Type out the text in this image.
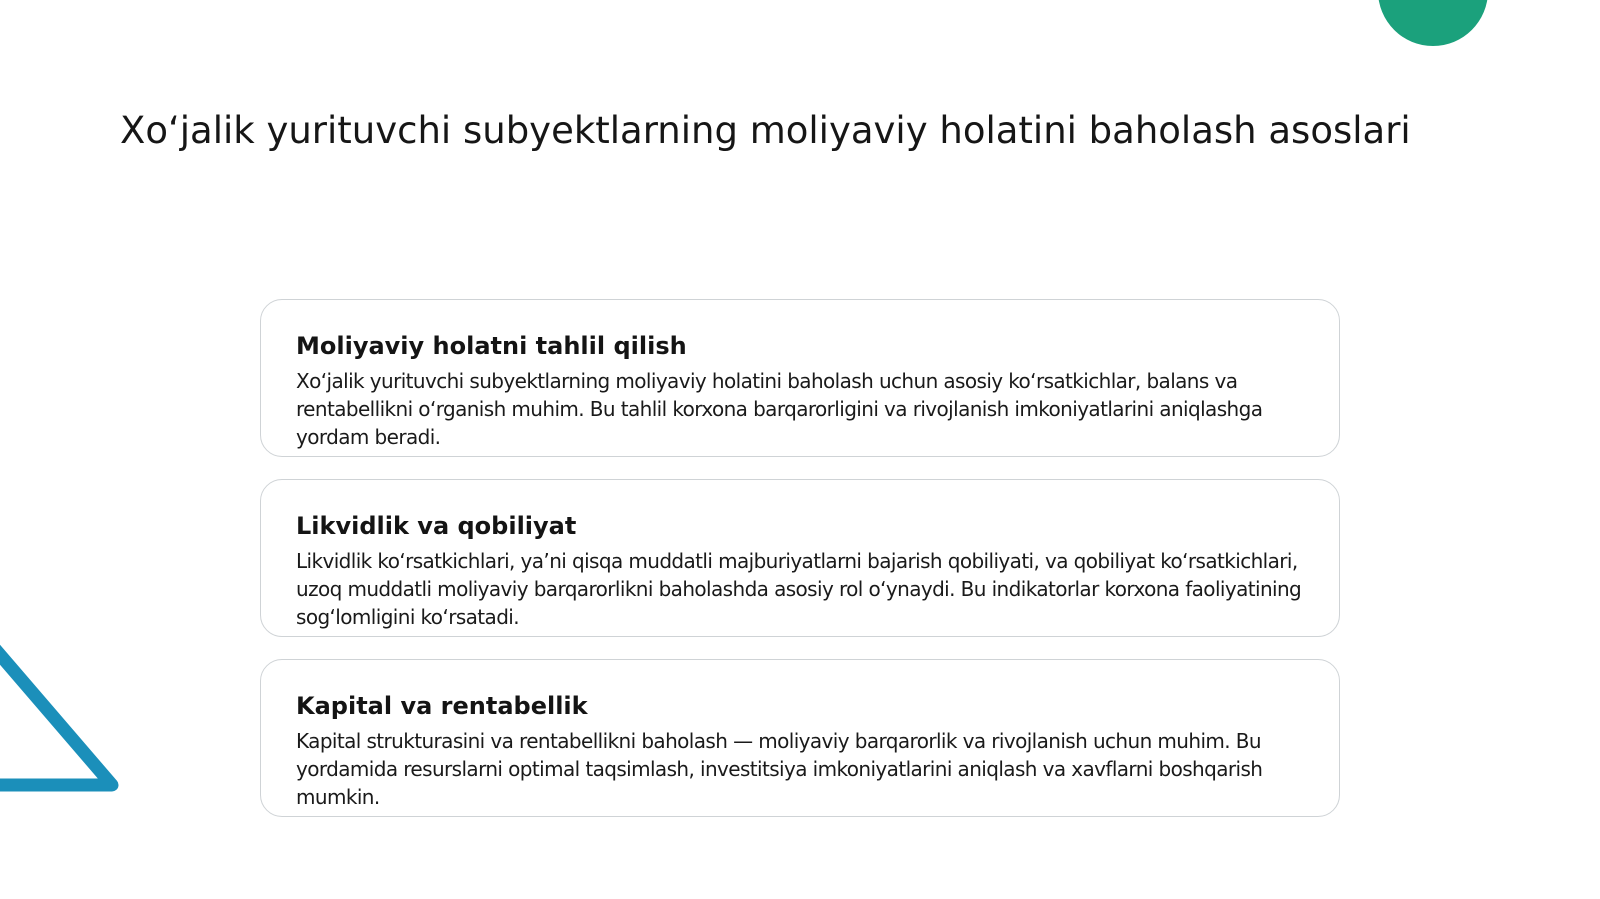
Xo‘jalik yurituvchi subyektlarning moliyaviy holatini baholash asoslari
Moliyaviy holatni tahlil qilish

Xo‘jalik yurituvchi subyektlarning moliyaviy holatini baholash uchun asosiy ko‘rsatkichlar, balans va rentabellikni o‘rganish muhim. Bu tahlil korxona barqarorligini va rivojlanish imkoniyatlarini aniqlashga yordam beradi.

Likvidlik va qobiliyat

Likvidlik ko‘rsatkichlari, ya’ni qisqa muddatli majburiyatlarni bajarish qobiliyati, va qobiliyat ko‘rsatkichlari, uzoq muddatli moliyaviy barqarorlikni baholashda asosiy rol o‘ynaydi. Bu indikatorlar korxona faoliyatining sog‘lomligini ko‘rsatadi.

Kapital va rentabellik

Kapital strukturasini va rentabellikni baholash — moliyaviy barqarorlik va rivojlanish uchun muhim. Bu yordamida resurslarni optimal taqsimlash, investitsiya imkoniyatlarini aniqlash va xavflarni boshqarish mumkin.
